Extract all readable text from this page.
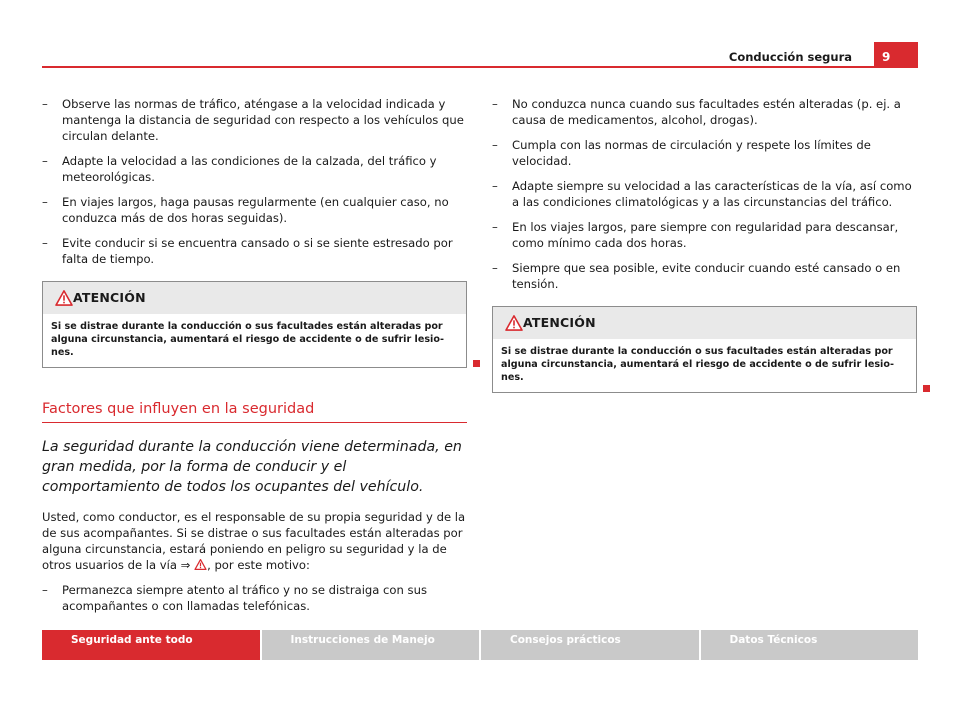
Conducción segura	9
– Observe las normas de tráfico, aténgase a la velocidad indicada y mantenga la distancia de seguridad con respecto a los vehículos que circulan delante.
– Adapte la velocidad a las condiciones de la calzada, del tráfico y meteorológicas.
– En viajes largos, haga pausas regularmente (en cualquier caso, no conduzca más de dos horas seguidas).
– Evite conducir si se encuentra cansado o si se siente estresado por falta de tiempo.
ATENCIÓN
Si se distrae durante la conducción o sus facultades están alteradas por alguna circunstancia, aumentará el riesgo de accidente o de sufrir lesiones.
Factores que influyen en la seguridad
La seguridad durante la conducción viene determinada, en gran medida, por la forma de conducir y el comportamiento de todos los ocupantes del vehículo.
Usted, como conductor, es el responsable de su propia seguridad y de la de sus acompañantes. Si se distrae o sus facultades están alteradas por alguna circunstancia, estará poniendo en peligro su seguridad y la de otros usuarios de la vía ⇒ , por este motivo:
– Permanezca siempre atento al tráfico y no se distraiga con sus acompañantes o con llamadas telefónicas.
– No conduzca nunca cuando sus facultades estén alteradas (p. ej. a causa de medicamentos, alcohol, drogas).
– Cumpla con las normas de circulación y respete los límites de velocidad.
– Adapte siempre su velocidad a las características de la vía, así como a las condiciones climatológicas y a las circunstancias del tráfico.
– En los viajes largos, pare siempre con regularidad para descansar, como mínimo cada dos horas.
– Siempre que sea posible, evite conducir cuando esté cansado o en tensión.
ATENCIÓN
Si se distrae durante la conducción o sus facultades están alteradas por alguna circunstancia, aumentará el riesgo de accidente o de sufrir lesiones.
Seguridad ante todo	Instrucciones de Manejo	Consejos prácticos	Datos Técnicos
